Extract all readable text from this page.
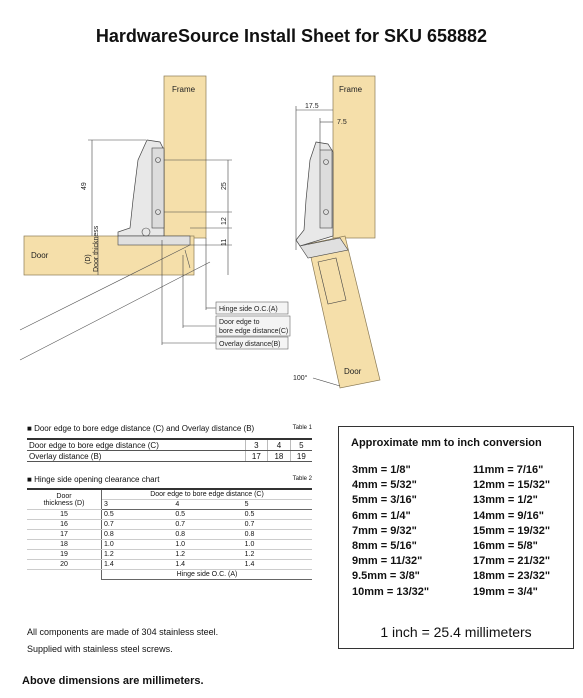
HardwareSource Install Sheet for SKU 658882
Frame
Door
49	25
12
11
(D) Door thickness
Hinge side O.C.(A)
Door edge to
bore edge distance(C)
Overlay distance(B)
Frame
Door
17.5
7.5
100°
■ Door edge to bore edge distance (C) and Overlay distance (B)	Table 1
Door edge to bore edge distance (C)	3	4	5
Overlay distance (B)	17	18	19
■ Hinge side opening clearance chart	Table 2
Door
thickness (D)	Door edge to bore edge distance (C)		
	3	4	5
15	0.5	0.5	0.5
16	0.7	0.7	0.7
17	0.8	0.8	0.8
18	1.0	1.0	1.0
19	1.2	1.2	1.2
20	1.4	1.4	1.4
	Hinge side O.C. (A)		
All components are made of 304 stainless steel.
Supplied with stainless steel screws.
Above dimensions are millimeters.
Approximate mm to inch conversion
3mm = 1/8"
4mm = 5/32"
5mm = 3/16"
6mm = 1/4"
7mm = 9/32"
8mm = 5/16"
9mm = 11/32"
9.5mm = 3/8"
10mm = 13/32"
11mm = 7/16"
12mm = 15/32"
13mm = 1/2"
14mm = 9/16"
15mm = 19/32"
16mm = 5/8"
17mm = 21/32"
18mm = 23/32"
19mm = 3/4"
1 inch = 25.4 millimeters
